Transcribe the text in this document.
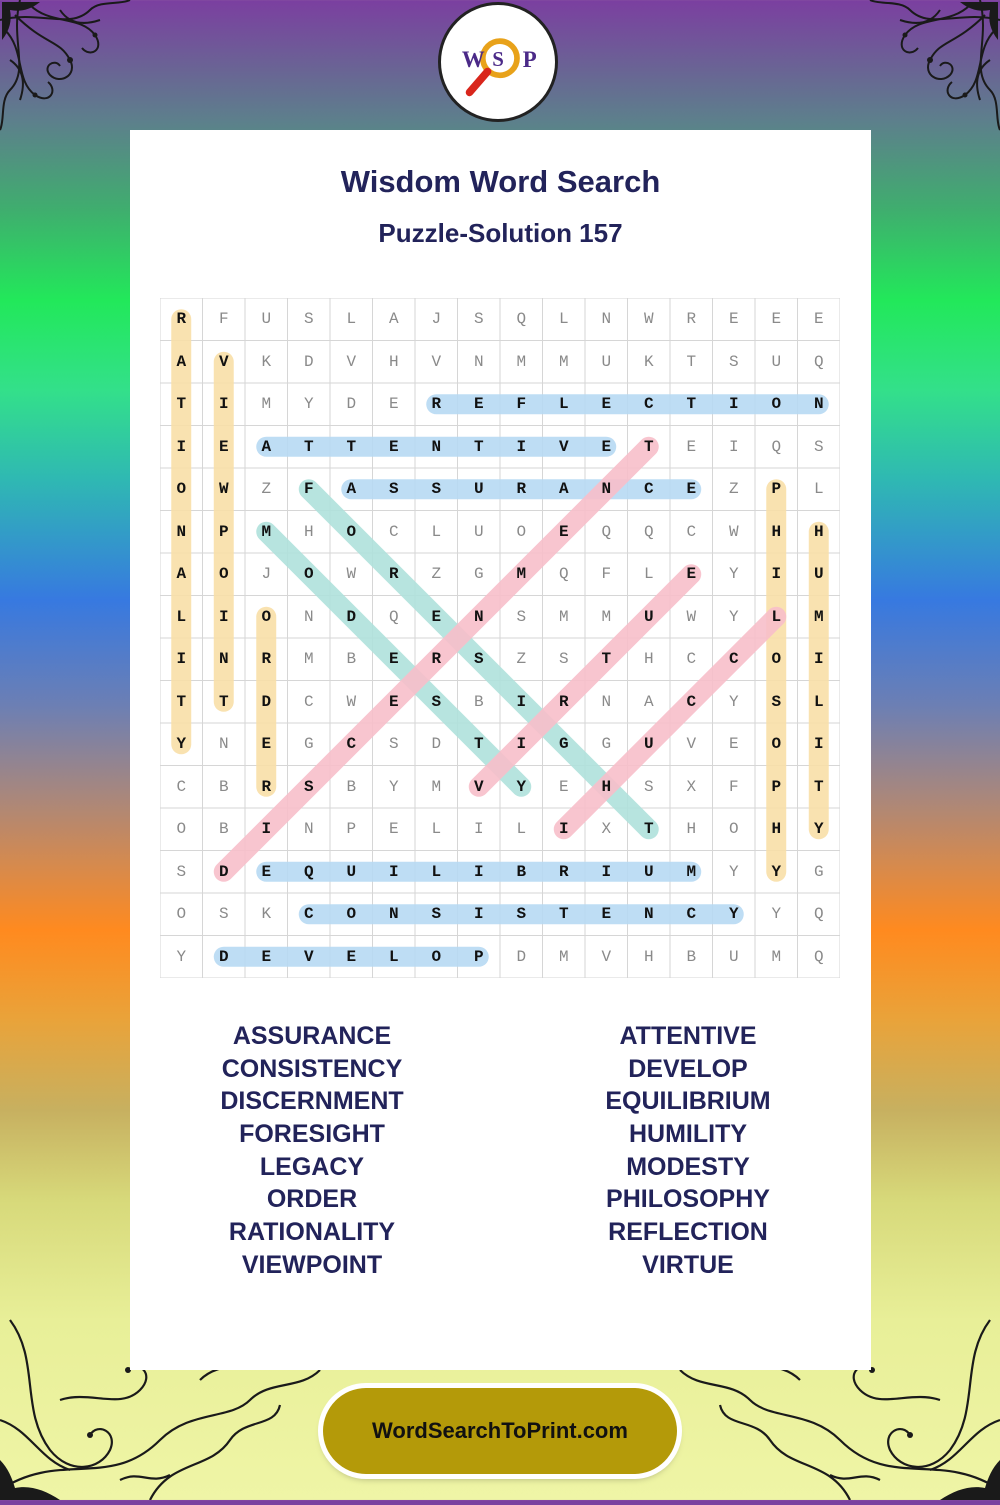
W S P
Wisdom Word Search
Puzzle-Solution 157
R	F	U	S	L	A	J	S	Q	L	N	W	R	E	E	E
A	V	K	D	V	H	V	N	M	M	U	K	T	S	U	Q
T	I	M	Y	D	E	R	E	F	L	E	C	T	I	O	N
I	E	A	T	T	E	N	T	I	V	E	T	E	I	Q	S
O	W	Z	F	A	S	S	U	R	A	N	C	E	Z	P	L
N	P	M	H	O	C	L	U	O	E	Q	Q	C	W	H	H
A	O	J	O	W	R	Z	G	M	Q	F	L	E	Y	I	U
L	I	O	N	D	Q	E	N	S	M	M	U	W	Y	L	M
I	N	R	M	B	E	R	S	Z	S	T	H	C	C	O	I
T	T	D	C	W	E	S	B	I	R	N	A	C	Y	S	L
Y	N	E	G	C	S	D	T	I	G	G	U	V	E	O	I
C	B	R	S	B	Y	M	V	Y	E	H	S	X	F	P	T
O	B	I	N	P	E	L	I	L	I	X	T	H	O	H	Y
S	D	E	Q	U	I	L	I	B	R	I	U	M	Y	Y	G
O	S	K	C	O	N	S	I	S	T	E	N	C	Y	Y	Q
Y	D	E	V	E	L	O	P	D	M	V	H	B	U	M	Q
ASSURANCE
CONSISTENCY
DISCERNMENT
FORESIGHT
LEGACY
ORDER
RATIONALITY
VIEWPOINT
ATTENTIVE
DEVELOP
EQUILIBRIUM
HUMILITY
MODESTY
PHILOSOPHY
REFLECTION
VIRTUE
WordSearchToPrint.com
